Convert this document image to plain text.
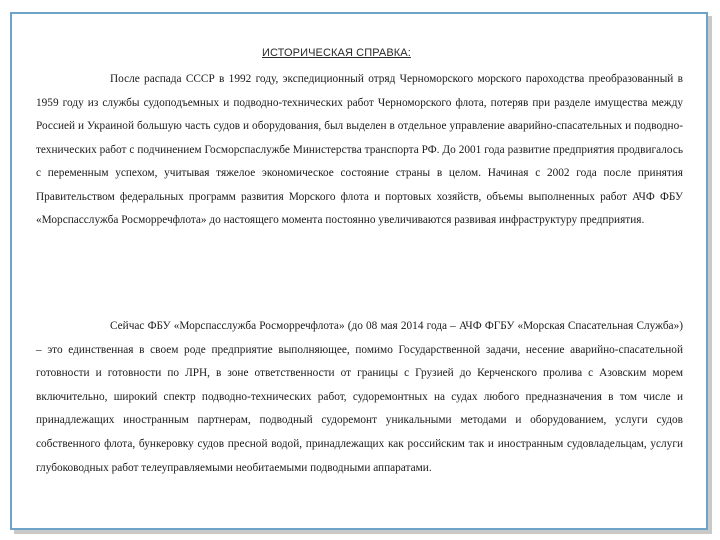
ИСТОРИЧЕСКАЯ СПРАВКА:

После распада СССР в 1992 году, экспедиционный отряд Черноморского морского пароходства преобразованный в 1959 году из службы судоподъемных и подводно-технических работ Черноморского флота, потеряв при разделе имущества между Россией и Украиной большую часть судов и оборудования, был выделен в отдельное управление аварийно-спасательных и подводно-технических работ с подчинением Госморспаслужбе Министерства транспорта РФ. До 2001 года развитие предприятия продвигалось с переменным успехом, учитывая тяжелое экономическое состояние страны в целом. Начиная с 2002 года после принятия Правительством федеральных программ развития Морского флота и портовых хозяйств, объемы выполненных работ АЧФ ФБУ «Морспасслужба Росморречфлота» до настоящего момента постоянно увеличиваются развивая инфраструктуру предприятия.

Сейчас ФБУ «Морспасслужба Росморречфлота» (до 08 мая 2014 года – АЧФ ФГБУ «Морская Спасательная Служба») – это единственная в своем роде предприятие выполняющее, помимо Государственной задачи, несение аварийно-спасательной готовности и готовности по ЛРН, в зоне ответственности от границы с Грузией до Керченского пролива с Азовским морем включительно, широкий спектр подводно-технических работ, судоремонтных на судах любого предназначения в том числе и принадлежащих иностранным партнерам, подводный судоремонт уникальными методами и оборудованием, услуги судов собственного флота, бункеровку судов пресной водой, принадлежащих как российским так и иностранным судовладельцам, услуги глубоководных работ телеуправляемыми необитаемыми подводными аппаратами.
